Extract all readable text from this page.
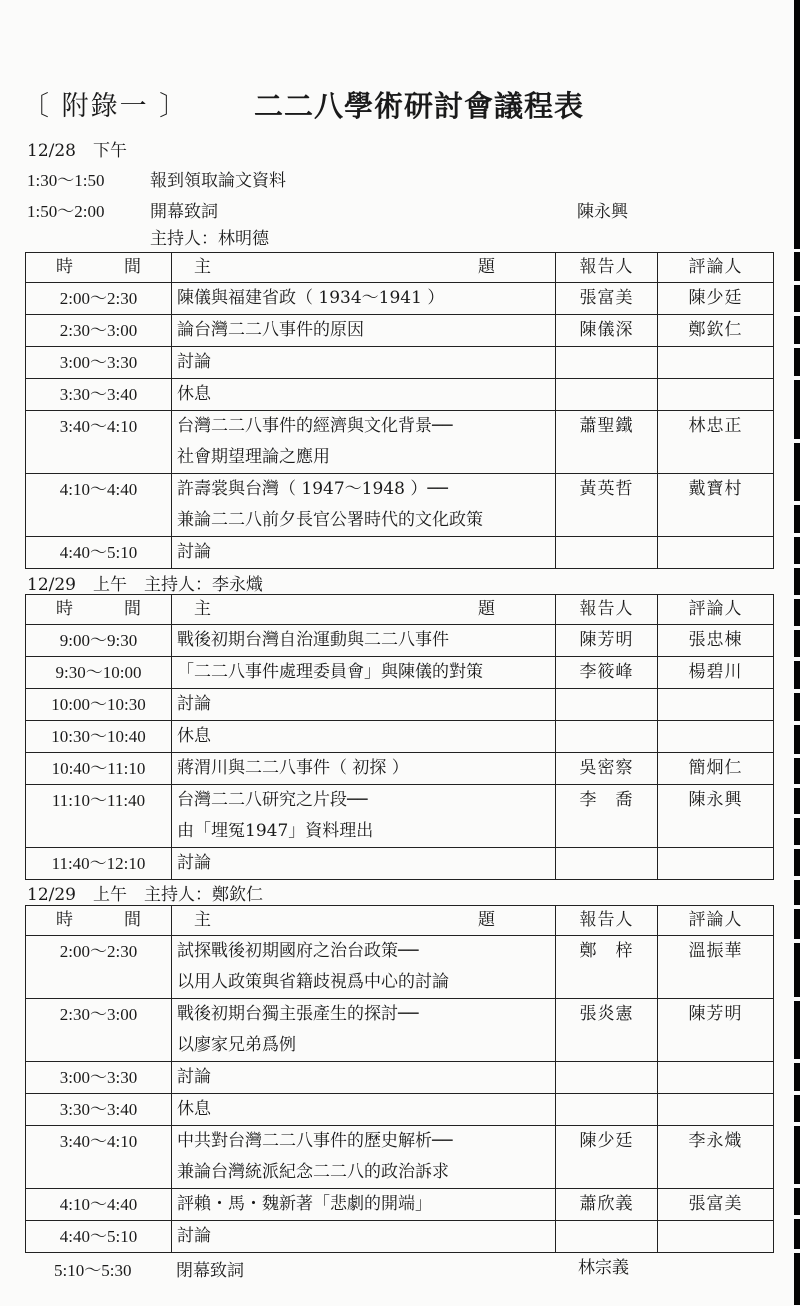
〔 附錄一 〕 二二八學術研討會議程表
12/28　下午
1:30～1:50	報到領取論文資料
1:50～2:00	開幕致詞	陳永興
主持人：林明德
時 間	主 題	報告人	評論人

2:00～2:30	陳儀與福建省政（ 1934～1941 ）	張富美	陳少廷

2:30～3:00	論台灣二二八事件的原因	陳儀深	鄭欽仁

3:00～3:30	討論		

3:30～3:40	休息		

3:40～4:10	台灣二二八事件的經濟與文化背景──
社會期望理論之應用	蕭聖鐵	林忠正

4:10～4:40	許壽裳與台灣（ 1947～1948 ）──
兼論二二八前夕長官公署時代的文化政策	黃英哲	戴寶村

4:40～5:10	討論		

12/29　上午　主持人：李永熾
時 間	主 題	報告人	評論人

9:00～9:30	戰後初期台灣自治運動與二二八事件	陳芳明	張忠棟

9:30～10:00	「二二八事件處理委員會」與陳儀的對策	李筱峰	楊碧川

10:00～10:30	討論		

10:30～10:40	休息		

10:40～11:10	蔣渭川與二二八事件（ 初探 ）	吳密察	簡炯仁

11:10～11:40	台灣二二八研究之片段──
由「埋冤1947」資料理出	李　喬	陳永興

11:40～12:10	討論		

12/29　上午　主持人：鄭欽仁
時 間	主 題	報告人	評論人

2:00～2:30	試探戰後初期國府之治台政策──
以用人政策與省籍歧視爲中心的討論	鄭　梓	溫振華

2:30～3:00	戰後初期台獨主張產生的探討──
以廖家兄弟爲例	張炎憲	陳芳明

3:00～3:30	討論		

3:30～3:40	休息		

3:40～4:10	中共對台灣二二八事件的歷史解析──
兼論台灣統派紀念二二八的政治訴求	陳少廷	李永熾

4:10～4:40	評賴・馬・魏新著「悲劇的開端」	蕭欣義	張富美

4:40～5:10	討論		

5:10～5:30	閉幕致詞	林宗義
